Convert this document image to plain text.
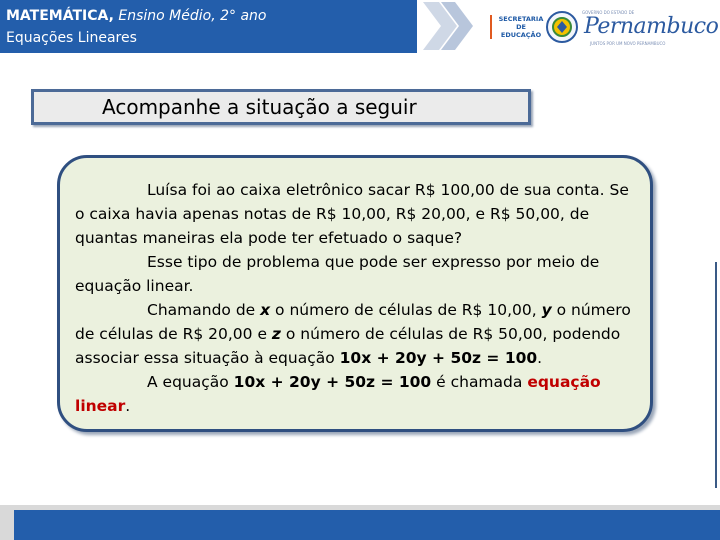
MATEMÁTICA, Ensino Médio, 2° ano
Equações Lineares
SECRETARIA
DE EDUCAÇÃO
GOVERNO DO ESTADO DE
Pernambuco
JUNTOS POR UM NOVO PERNAMBUCO
Acompanhe a situação a seguir

Luísa foi ao caixa eletrônico sacar R$ 100,00 de sua conta. Se o caixa havia apenas notas de R$ 10,00, R$ 20,00, e R$ 50,00, de quantas maneiras ela pode ter efetuado o saque?

Esse tipo de problema que pode ser expresso por meio de equação linear.

Chamando de x o número de células de R$ 10,00, y o número de células de R$ 20,00 e z o número de células de R$ 50,00, podendo associar essa situação à equação 10x + 20y + 50z = 100.

A equação 10x + 20y + 50z = 100 é chamada equação linear.
